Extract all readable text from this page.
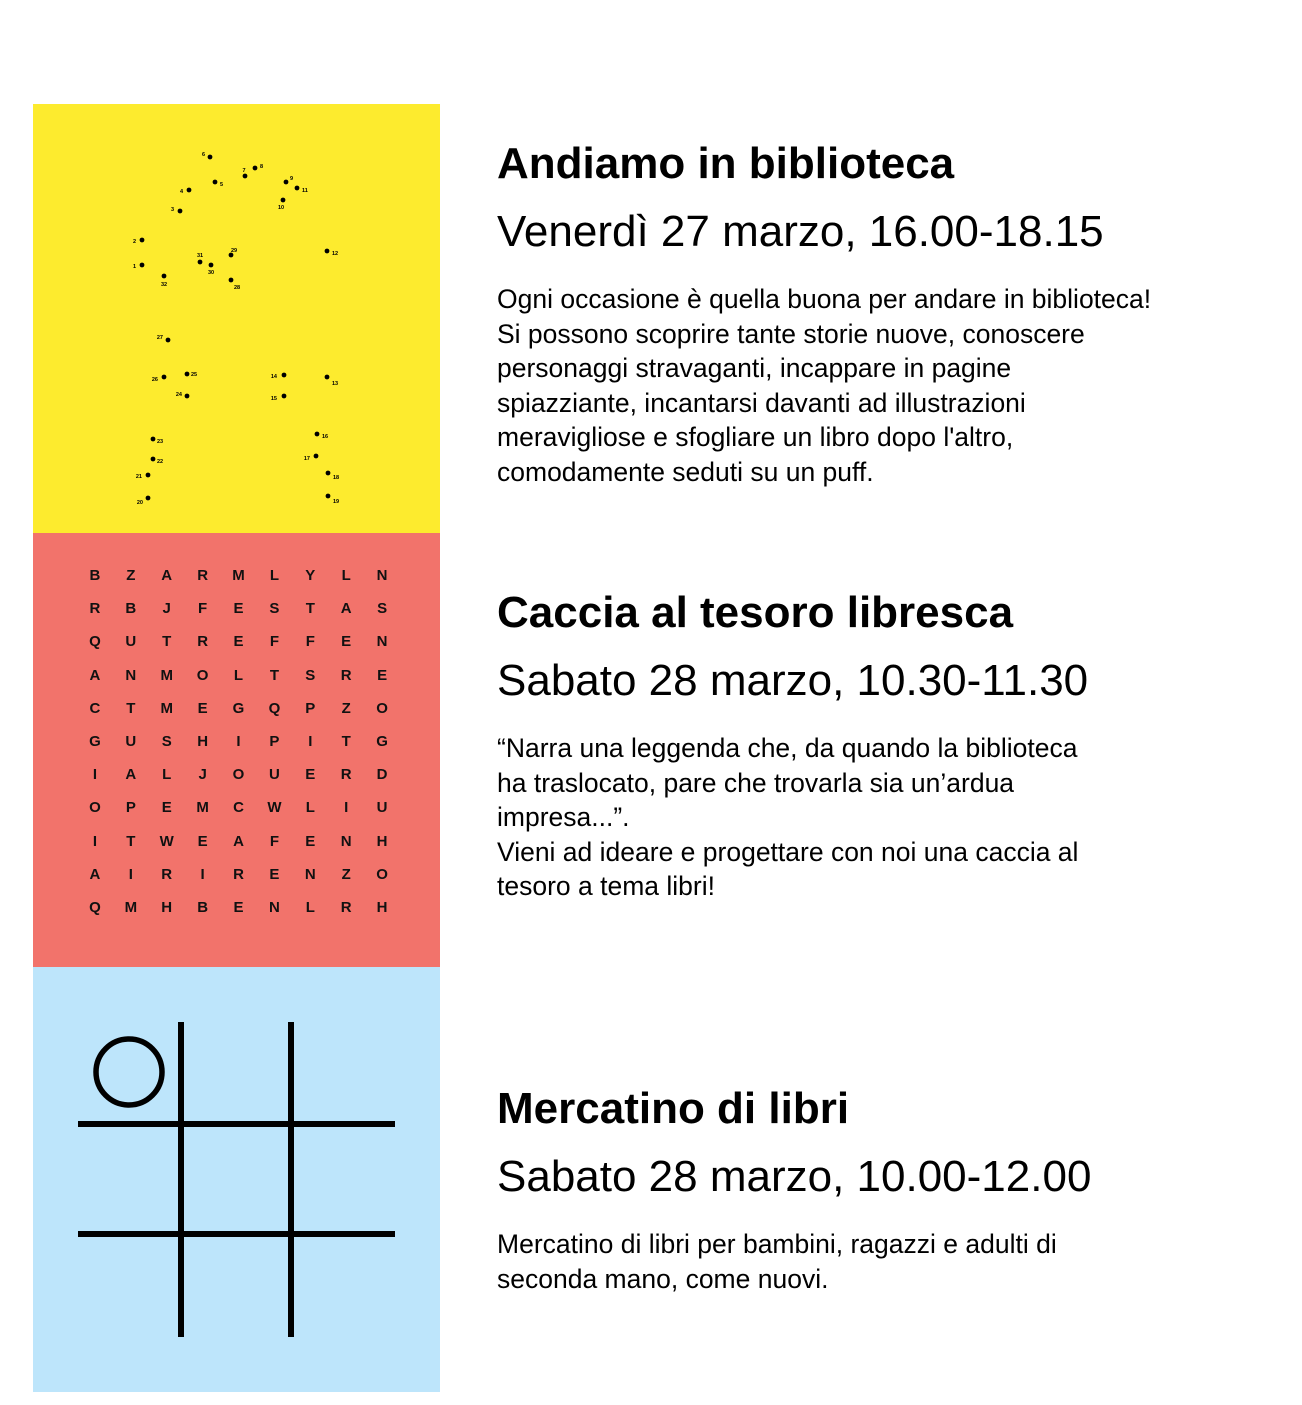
1
2
3
4
5
6
7
8
9
10
11
12
13
14
15
16
17
18
19
20
21
22
23
24
25
26
27
28
29
30
31
32
B	Z	A	R	M	L	Y	L	N
R	B	J	F	E	S	T	A	S
Q	U	T	R	E	F	F	E	N
A	N	M	O	L	T	S	R	E
C	T	M	E	G	Q	P	Z	O
G	U	S	H	I	P	I	T	G
I	A	L	J	O	U	E	R	D
O	P	E	M	C	W	L	I	U
I	T	W	E	A	F	E	N	H
A	I	R	I	R	E	N	Z	O
Q	M	H	B	E	N	L	R	H
Andiamo in biblioteca

Venerdì 27 marzo, 16.00-18.15

Ogni occasione è quella buona per andare in biblioteca!
Si possono scoprire tante storie nuove, conoscere
personaggi stravaganti, incappare in pagine
spiazziante, incantarsi davanti ad illustrazioni
meravigliose e sfogliare un libro dopo l'altro,
comodamente seduti su un puff.

Caccia al tesoro libresca

Sabato 28 marzo, 10.30-11.30

“Narra una leggenda che, da quando la biblioteca
ha traslocato, pare che trovarla sia un’ardua
impresa...”.
Vieni ad ideare e progettare con noi una caccia al
tesoro a tema libri!

Mercatino di libri

Sabato 28 marzo, 10.00-12.00

Mercatino di libri per bambini, ragazzi e adulti di
seconda mano, come nuovi.
